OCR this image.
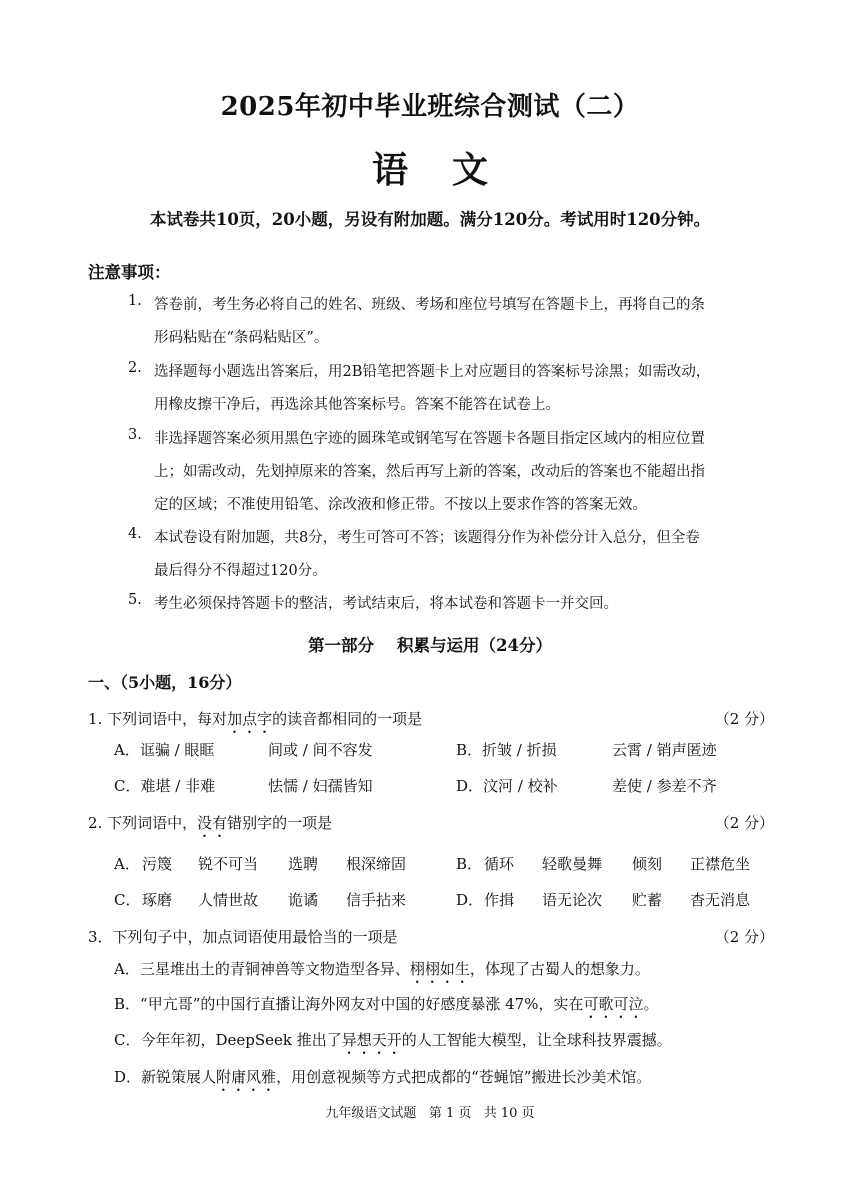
2025年初中毕业班综合测试（二）
语文
本试卷共10页，20小题，另设有附加题。满分120分。考试用时120分钟。
注意事项：
1. 答卷前，考生务必将自己的姓名、班级、考场和座位号填写在答题卡上，再将自己的条
形码粘贴在“条码粘贴区”。
2. 选择题每小题选出答案后，用2B铅笔把答题卡上对应题目的答案标号涂黑；如需改动，
用橡皮擦干净后，再选涂其他答案标号。答案不能答在试卷上。
3. 非选择题答案必须用黑色字迹的圆珠笔或钢笔写在答题卡各题目指定区域内的相应位置
上；如需改动，先划掉原来的答案，然后再写上新的答案，改动后的答案也不能超出指
定的区域；不准使用铅笔、涂改液和修正带。不按以上要求作答的答案无效。
4. 本试卷设有附加题，共8分，考生可答可不答；该题得分作为补偿分计入总分，但全卷
最后得分不得超过120分。
5. 考生必须保持答题卡的整洁，考试结束后，将本试卷和答题卡一并交回。
第一部分    积累与运用（24分）
一、（5小题，16分）
1. 下列词语中，每对加点字的读音都相同的一项是	（2 分）
A．诓骗 / 眼眶	间或 / 间不容发	B．折皱 / 折损	云霄 / 销声匿迹
C．难堪 / 非难	怯懦 / 妇孺皆知	D．汶河 / 校补	差使 / 参差不齐
2. 下列词语中，没有错别字的一项是	（2 分）
A． 污篾 锐不可当 选聘 根深缔固	B． 循环 轻歌曼舞 倾刻 正襟危坐
C． 琢磨 人情世故 诡谲 信手拈来	D． 作揖 语无论次 贮蓄 杳无消息
3．下列句子中，加点词语使用最恰当的一项是	（2 分）
A．三星堆出土的青铜神兽等文物造型各异、栩栩如生，体现了古蜀人的想象力。
B．“甲亢哥”的中国行直播让海外网友对中国的好感度暴涨 47%，实在可歌可泣。
C．今年年初，DeepSeek 推出了异想天开的人工智能大模型，让全球科技界震撼。
D．新锐策展人附庸风雅，用创意视频等方式把成都的“苍蝇馆”搬进长沙美术馆。
九年级语文试题   第 1 页   共 10 页
